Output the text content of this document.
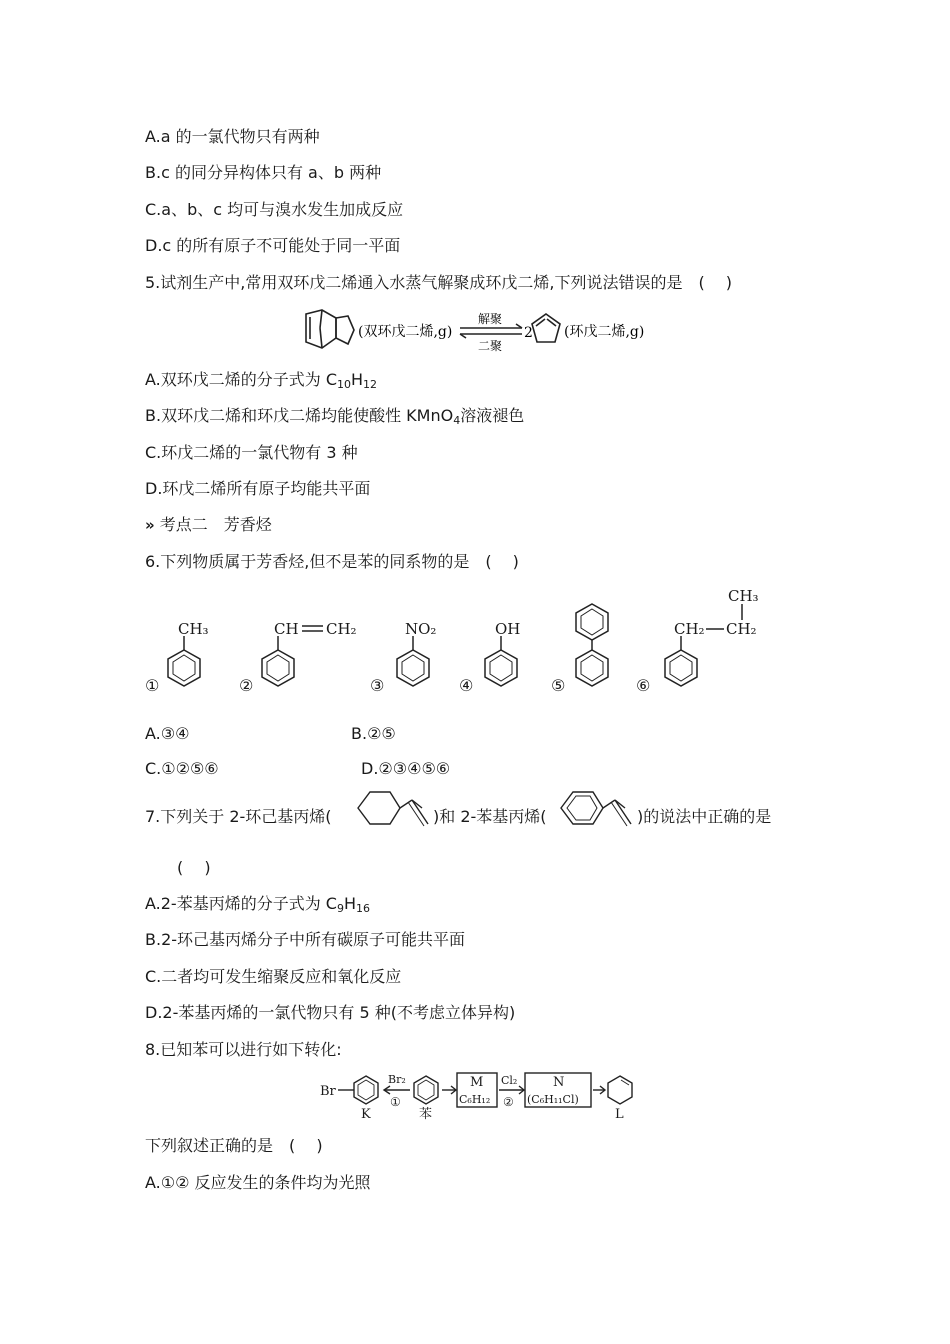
A.a 的一氯代物只有两种
B.c 的同分异构体只有 a、b 两种
C.a、b、c 均可与溴水发生加成反应
D.c 的所有原子不可能处于同一平面
5.试剂生产中,常用双环戊二烯通入水蒸气解聚成环戊二烯,下列说法错误的是　(　 )
(双环戊二烯,g)
解聚
二聚
2 (环戊二烯,g)
A.双环戊二烯的分子式为 $C_{10}H_{12}$
B.双环戊二烯和环戊二烯均能使酸性 KMnO$_4$溶液褪色
C.环戊二烯的一氯代物有 3 种
D.环戊二烯所有原子均能共平面
» 考点二　芳香烃
6.下列物质属于芳香烃,但不是苯的同系物的是　(　 )
CH₃	CH CH₂	NO₂	OH	CH₂ CH₂
CH₃
①	②	③	④	⑤	⑥
A.③④	B.②⑤
C.①②⑤⑥	D.②③④⑤⑥
7.下列关于 2-环己基丙烯(	)和 2-苯基丙烯(	)的说法中正确的是
(　 )
A.2-苯基丙烯的分子式为 $C_9H_{16}$
B.2-环己基丙烯分子中所有碳原子可能共平面
C.二者均可发生缩聚反应和氧化反应
D.2-苯基丙烯的一氯代物只有 5 种(不考虑立体异构)
8.已知苯可以进行如下转化:
Br
K
Br₂
①
苯
M
C₆H₁₂
Cl₂
②
N
(C₆H₁₁Cl)
L
下列叙述正确的是　(　 )
A.①② 反应发生的条件均为光照
